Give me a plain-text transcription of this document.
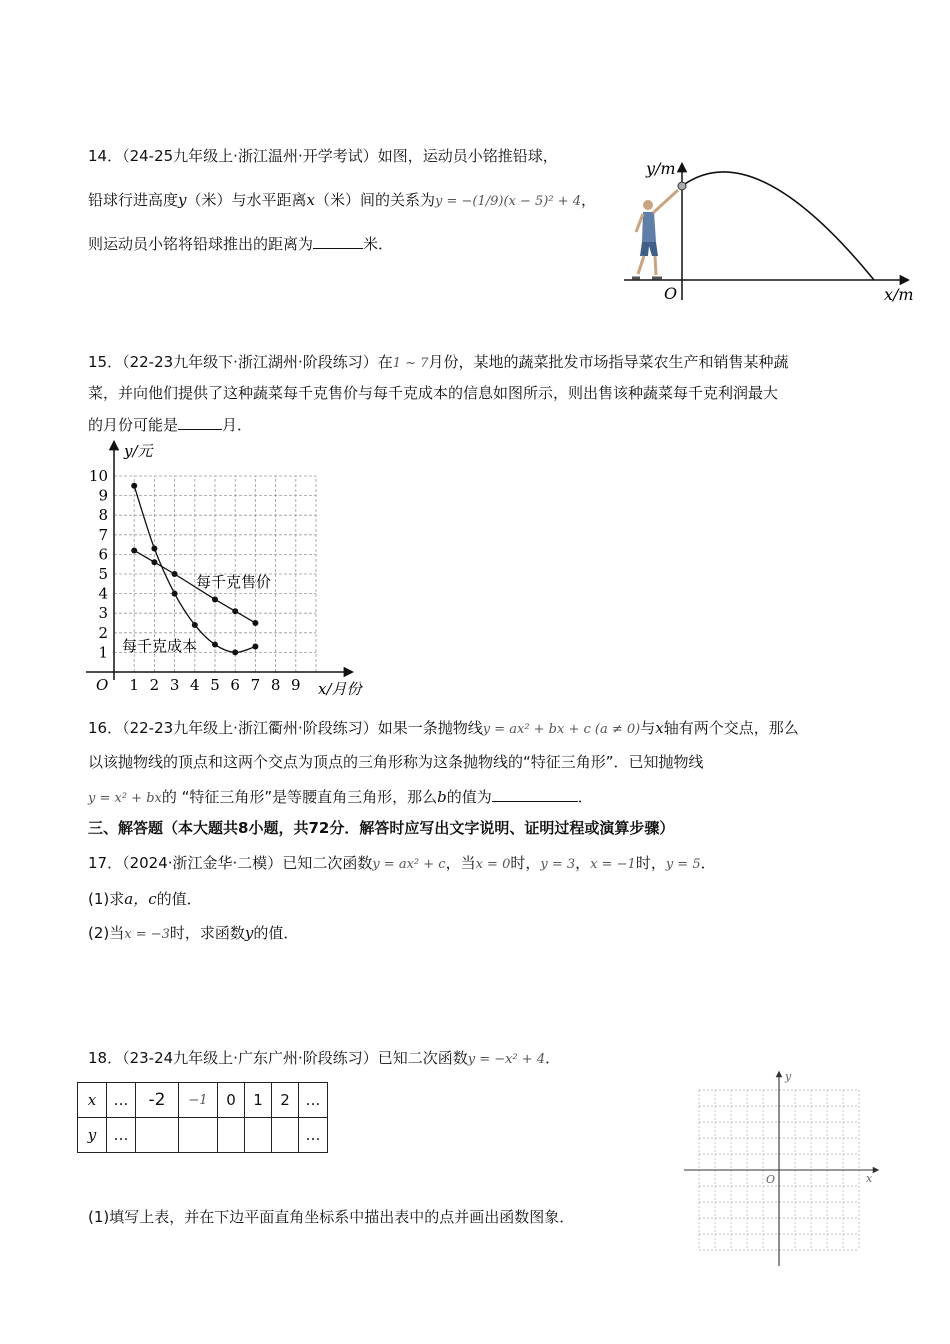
14．（24-25九年级上·浙江温州·开学考试）如图，运动员小铭推铅球，
铅球行进高度y（米）与水平距离x（米）间的关系为y = −(1/9)(x − 5)² + 4，
则运动员小铭将铅球推出的距离为	米．
y/m
O	x/m
15．（22-23九年级下·浙江湖州·阶段练习）在1 ~ 7月份，某地的蔬菜批发市场指导菜农生产和销售某种蔬
菜，并向他们提供了这种蔬菜每千克售价与每千克成本的信息如图所示，则出售该种蔬菜每千克利润最大
的月份可能是	月．
1 2 3 4 5 6 7 8 9
1
2
3
4
5
6
7
8
9
10
y/元
x/月份
O
每千克售价
每千克成本
16．（22-23九年级上·浙江衢州·阶段练习）如果一条抛物线y = ax² + bx + c (a ≠ 0)与x轴有两个交点，那么
以该抛物线的顶点和这两个交点为顶点的三角形称为这条抛物线的“特征三角形”．已知抛物线
y = x² + bx的 “特征三角形”是等腰直角三角形，那么b的值为	．
三、解答题（本大题共8小题，共72分．解答时应写出文字说明、证明过程或演算步骤）
17．（2024·浙江金华·二模）已知二次函数y = ax² + c，当x = 0时，y = 3，x = −1时，y = 5．
(1)求a，c的值．
(2)当x = −3时，求函数y的值．
18．（23-24九年级上·广东广州·阶段练习）已知二次函数y = −x² + 4．
x	…	-2	−1	0	1	2	…
y	…						…
(1)填写上表，并在下边平面直角坐标系中描出表中的点并画出函数图象．
y
x
O
